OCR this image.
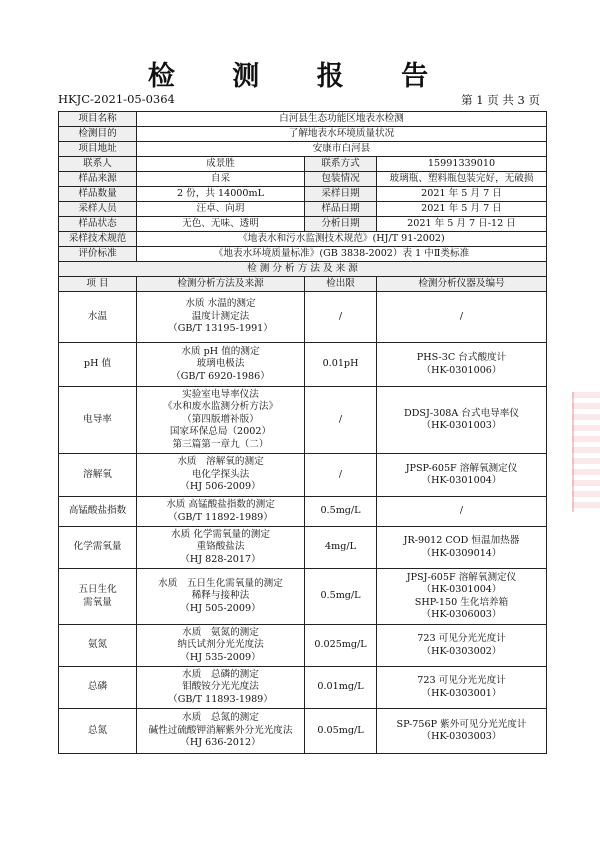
检 测 报 告
HKJC-2021-05-0364	第 1 页 共 3 页
项目名称	白河县生态功能区地表水检测		
检测目的	了解地表水环境质量状况		
项目地址	安康市白河县		
联系人	成景胜	联系方式	15991339010
样品来源	自采	包装情况	玻璃瓶、塑料瓶包装完好，无破损
样品数量	2 份，共 14000mL	采样日期	2021 年 5 月 7 日
采样人员	汪卓、向玥	样品日期	2021 年 5 月 7 日
样品状态	无色、无味、透明	分析日期	2021 年 5 月 7 日-12 日
采样技术规范	《地表水和污水监测技术规范》(HJ/T 91-2002)		
评价标准	《地表水环境质量标准》(GB 3838-2002）表 1 中Ⅱ类标准		
检 测 分 析 方 法 及 来 源			
项 目	检测分析方法及来源	检出限	检测分析仪器及编号
水温	水质 水温的测定
温度计测定法
（GB/T 13195-1991）	/	/
pH 值	水质 pH 值的测定
玻璃电极法
（GB/T 6920-1986）	0.01pH	PHS-3C 台式酸度计
（HK-0301006）
电导率	实验室电导率仪法
《水和废水监测分析方法》
（第四版增补版）
国家环保总局（2002）
第三篇第一章九（二）	/	DDSJ-308A 台式电导率仪
（HK-0301003）
溶解氧	水质　溶解氧的测定
电化学探头法
（HJ 506-2009）	/	JPSP-605F 溶解氧测定仪
（HK-0301004）
高锰酸盐指数	水质 高锰酸盐指数的测定
（GB/T 11892-1989）	0.5mg/L	/
化学需氧量	水质 化学需氧量的测定
重铬酸盐法
（HJ 828-2017）	4mg/L	JR-9012 COD 恒温加热器
（HK-0309014）
五日生化
需氧量	水质　五日生化需氧量的测定
稀释与接种法
（HJ 505-2009）	0.5mg/L	JPSJ-605F 溶解氧测定仪
（HK-0301004）
SHP-150 生化培养箱
（HK-0306003）
氨氮	水质　氨氮的测定
纳氏试剂分光光度法
（HJ 535-2009）	0.025mg/L	723 可见分光光度计
（HK-0303002）
总磷	水质　总磷的测定
钼酸铵分光光度法
（GB/T 11893-1989）	0.01mg/L	723 可见分光光度计
（HK-0303001）
总氮	水质　总氮的测定
碱性过硫酸钾消解紫外分光光度法
（HJ 636-2012）	0.05mg/L	SP-756P 紫外可见分光光度计
（HK-0303003）
